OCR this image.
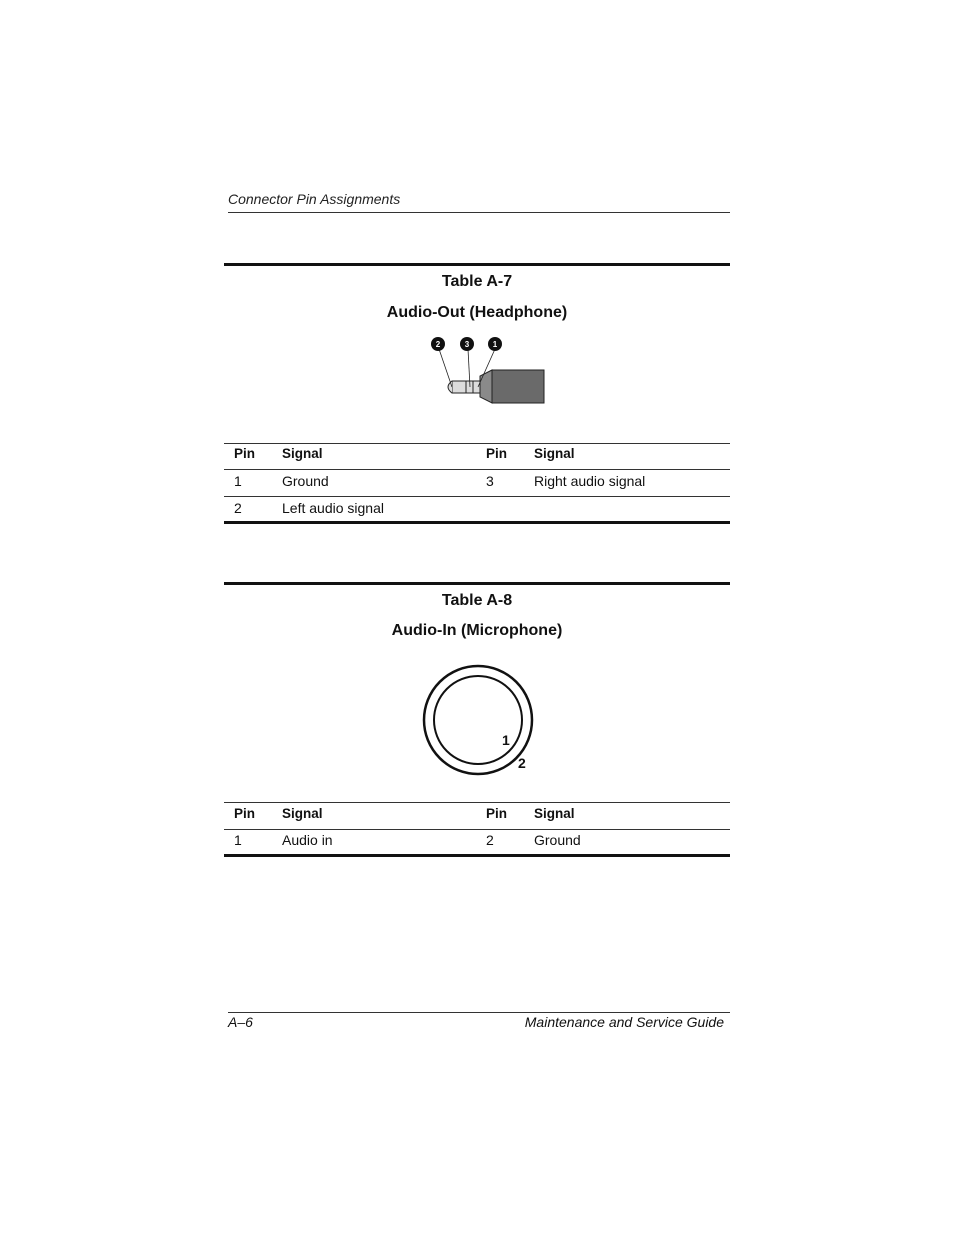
Connector Pin Assignments
Table A-7
Audio-Out (Headphone)
2	3	1
Pin Signal	Pin Signal
1	Ground	3	Right audio signal
2	Left audio signal
Table A-8
Audio-In (Microphone)
1
2
Pin Signal	Pin Signal
1	Audio in	2	Ground
A–6	Maintenance and Service Guide
